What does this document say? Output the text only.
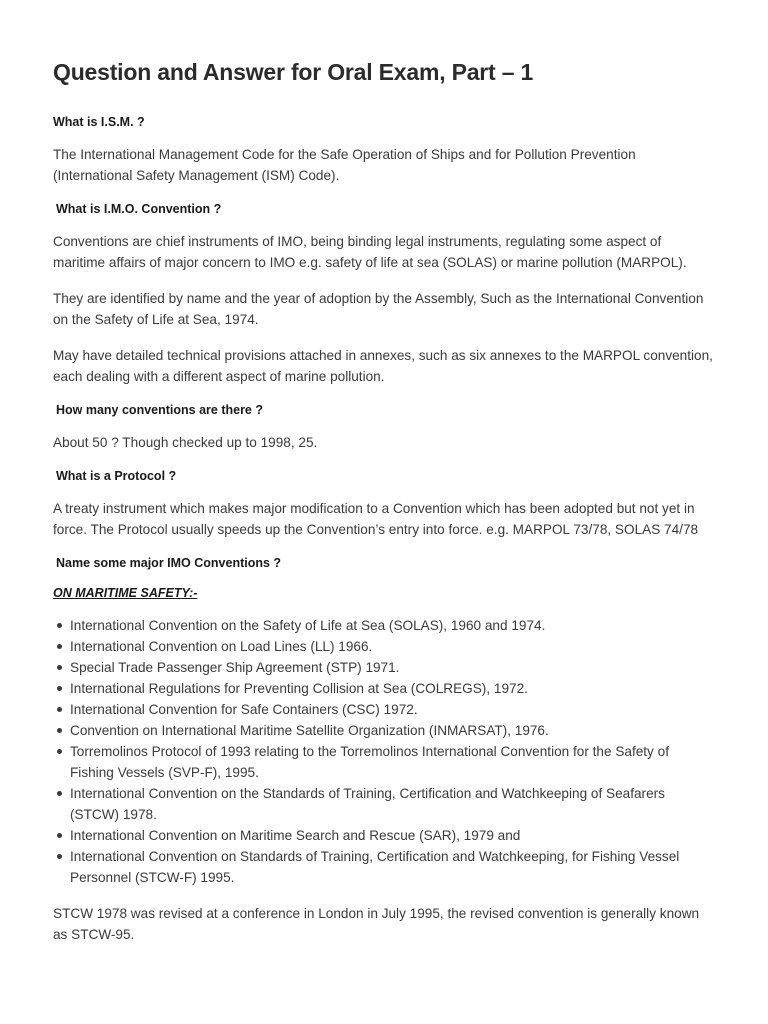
Question and Answer for Oral Exam, Part – 1
What is I.S.M. ?

The International Management Code for the Safe Operation of Ships and for Pollution Prevention (International Safety Management (ISM) Code).

What is I.M.O. Convention ?

Conventions are chief instruments of IMO, being binding legal instruments, regulating some aspect of maritime affairs of major concern to IMO e.g. safety of life at sea (SOLAS) or marine pollution (MARPOL).

They are identified by name and the year of adoption by the Assembly, Such as the International Convention on the Safety of Life at Sea, 1974.

May have detailed technical provisions attached in annexes, such as six annexes to the MARPOL convention, each dealing with a different aspect of marine pollution.

How many conventions are there ?

About 50 ? Though checked up to 1998, 25.

What is a Protocol ?

A treaty instrument which makes major modification to a Convention which has been adopted but not yet in force. The Protocol usually speeds up the Convention’s entry into force. e.g. MARPOL 73/78, SOLAS 74/78

Name some major IMO Conventions ?
ON MARITIME SAFETY:-
International Convention on the Safety of Life at Sea (SOLAS), 1960 and 1974.
International Convention on Load Lines (LL) 1966.
Special Trade Passenger Ship Agreement (STP) 1971.
International Regulations for Preventing Collision at Sea (COLREGS), 1972.
International Convention for Safe Containers (CSC) 1972.
Convention on International Maritime Satellite Organization (INMARSAT), 1976.
Torremolinos Protocol of 1993 relating to the Torremolinos International Convention for the Safety of Fishing Vessels (SVP-F), 1995.
International Convention on the Standards of Training, Certification and Watchkeeping of Seafarers (STCW) 1978.
International Convention on Maritime Search and Rescue (SAR), 1979 and
International Convention on Standards of Training, Certification and Watchkeeping, for Fishing Vessel Personnel (STCW-F) 1995.

STCW 1978 was revised at a conference in London in July 1995, the revised convention is generally known as STCW-95.
